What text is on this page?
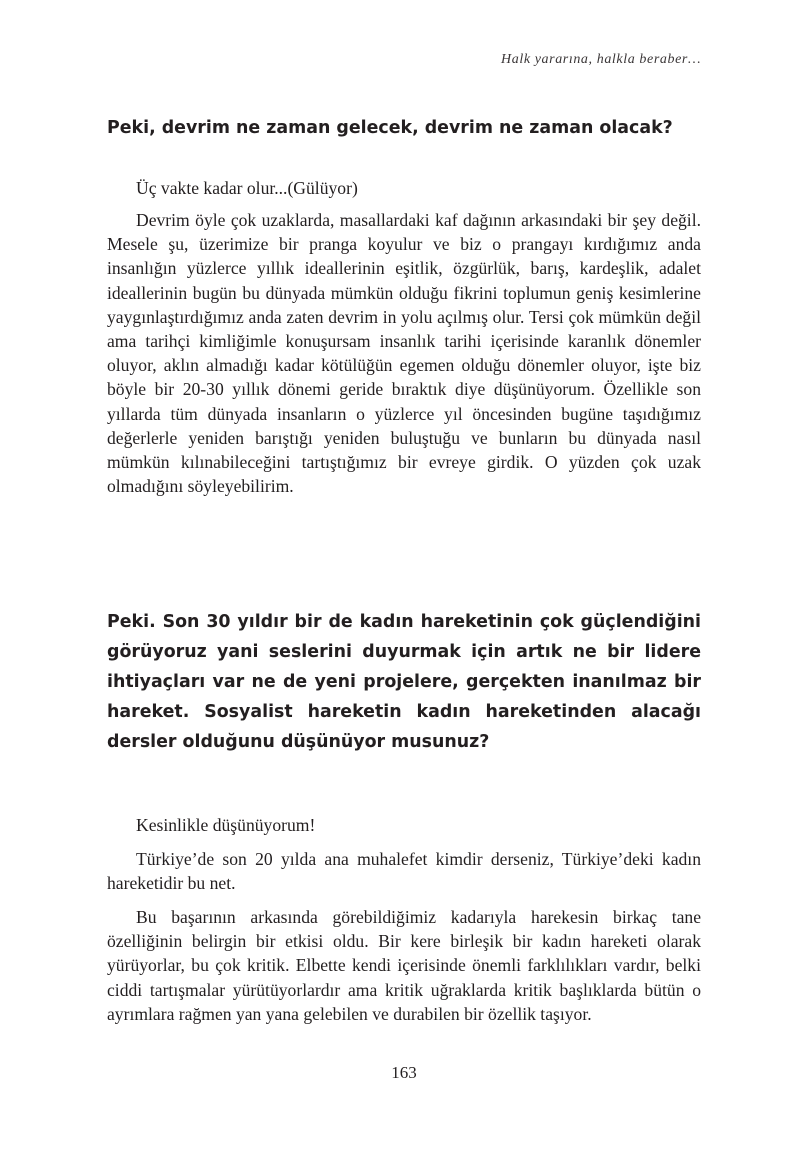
Halk yararına, halkla beraber…
Peki, devrim ne zaman gelecek, devrim ne zaman olacak?

Üç vakte kadar olur...(Gülüyor)

Devrim öyle çok uzaklarda, masallardaki kaf dağının arkasındaki bir şey değil. Mesele şu, üzerimize bir pranga koyulur ve biz o prangayı kırdığımız anda insanlığın yüzlerce yıllık ideallerinin eşitlik, özgürlük, barış, kardeşlik, adalet ideallerinin bugün bu dünyada mümkün olduğu fikrini toplumun geniş kesimlerine yaygınlaştırdığımız anda zaten devrim in yolu açılmış olur. Tersi çok mümkün değil ama tarihçi kimliğimle konuşursam insanlık tarihi içerisinde karanlık dönemler oluyor, aklın almadığı kadar kötülüğün egemen olduğu dönemler oluyor, işte biz böyle bir 20-30 yıllık dönemi geride bıraktık diye düşünüyorum. Özellikle son yıllarda tüm dünyada insanların o yüzlerce yıl öncesinden bugüne taşıdığımız değerlerle yeniden barıştığı yeniden buluştuğu ve bunların bu dünyada nasıl mümkün kılınabileceğini tartıştığımız bir evreye girdik. O yüzden çok uzak olmadığını söyleyebilirim.

Peki. Son 30 yıldır bir de kadın hareketinin çok güçlendiğini görüyoruz yani seslerini duyurmak için artık ne bir lidere ihtiyaçları var ne de yeni projelere, gerçekten inanılmaz bir hareket. Sosyalist hareketin kadın hareketinden alacağı dersler olduğunu düşünüyor musunuz?

Kesinlikle düşünüyorum!

Türkiye’de son 20 yılda ana muhalefet kimdir derseniz, Türkiye’deki kadın hareketidir bu net.

Bu başarının arkasında görebildiğimiz kadarıyla harekesin birkaç tane özelliğinin belirgin bir etkisi oldu. Bir kere birleşik bir kadın hareketi olarak yürüyorlar, bu çok kritik. Elbette kendi içerisinde önemli farklılıkları vardır, belki ciddi tartışmalar yürütüyorlardır ama kritik uğraklarda kritik başlıklarda bütün o ayrımlara rağmen yan yana gelebilen ve durabilen bir özellik taşıyor.

163
